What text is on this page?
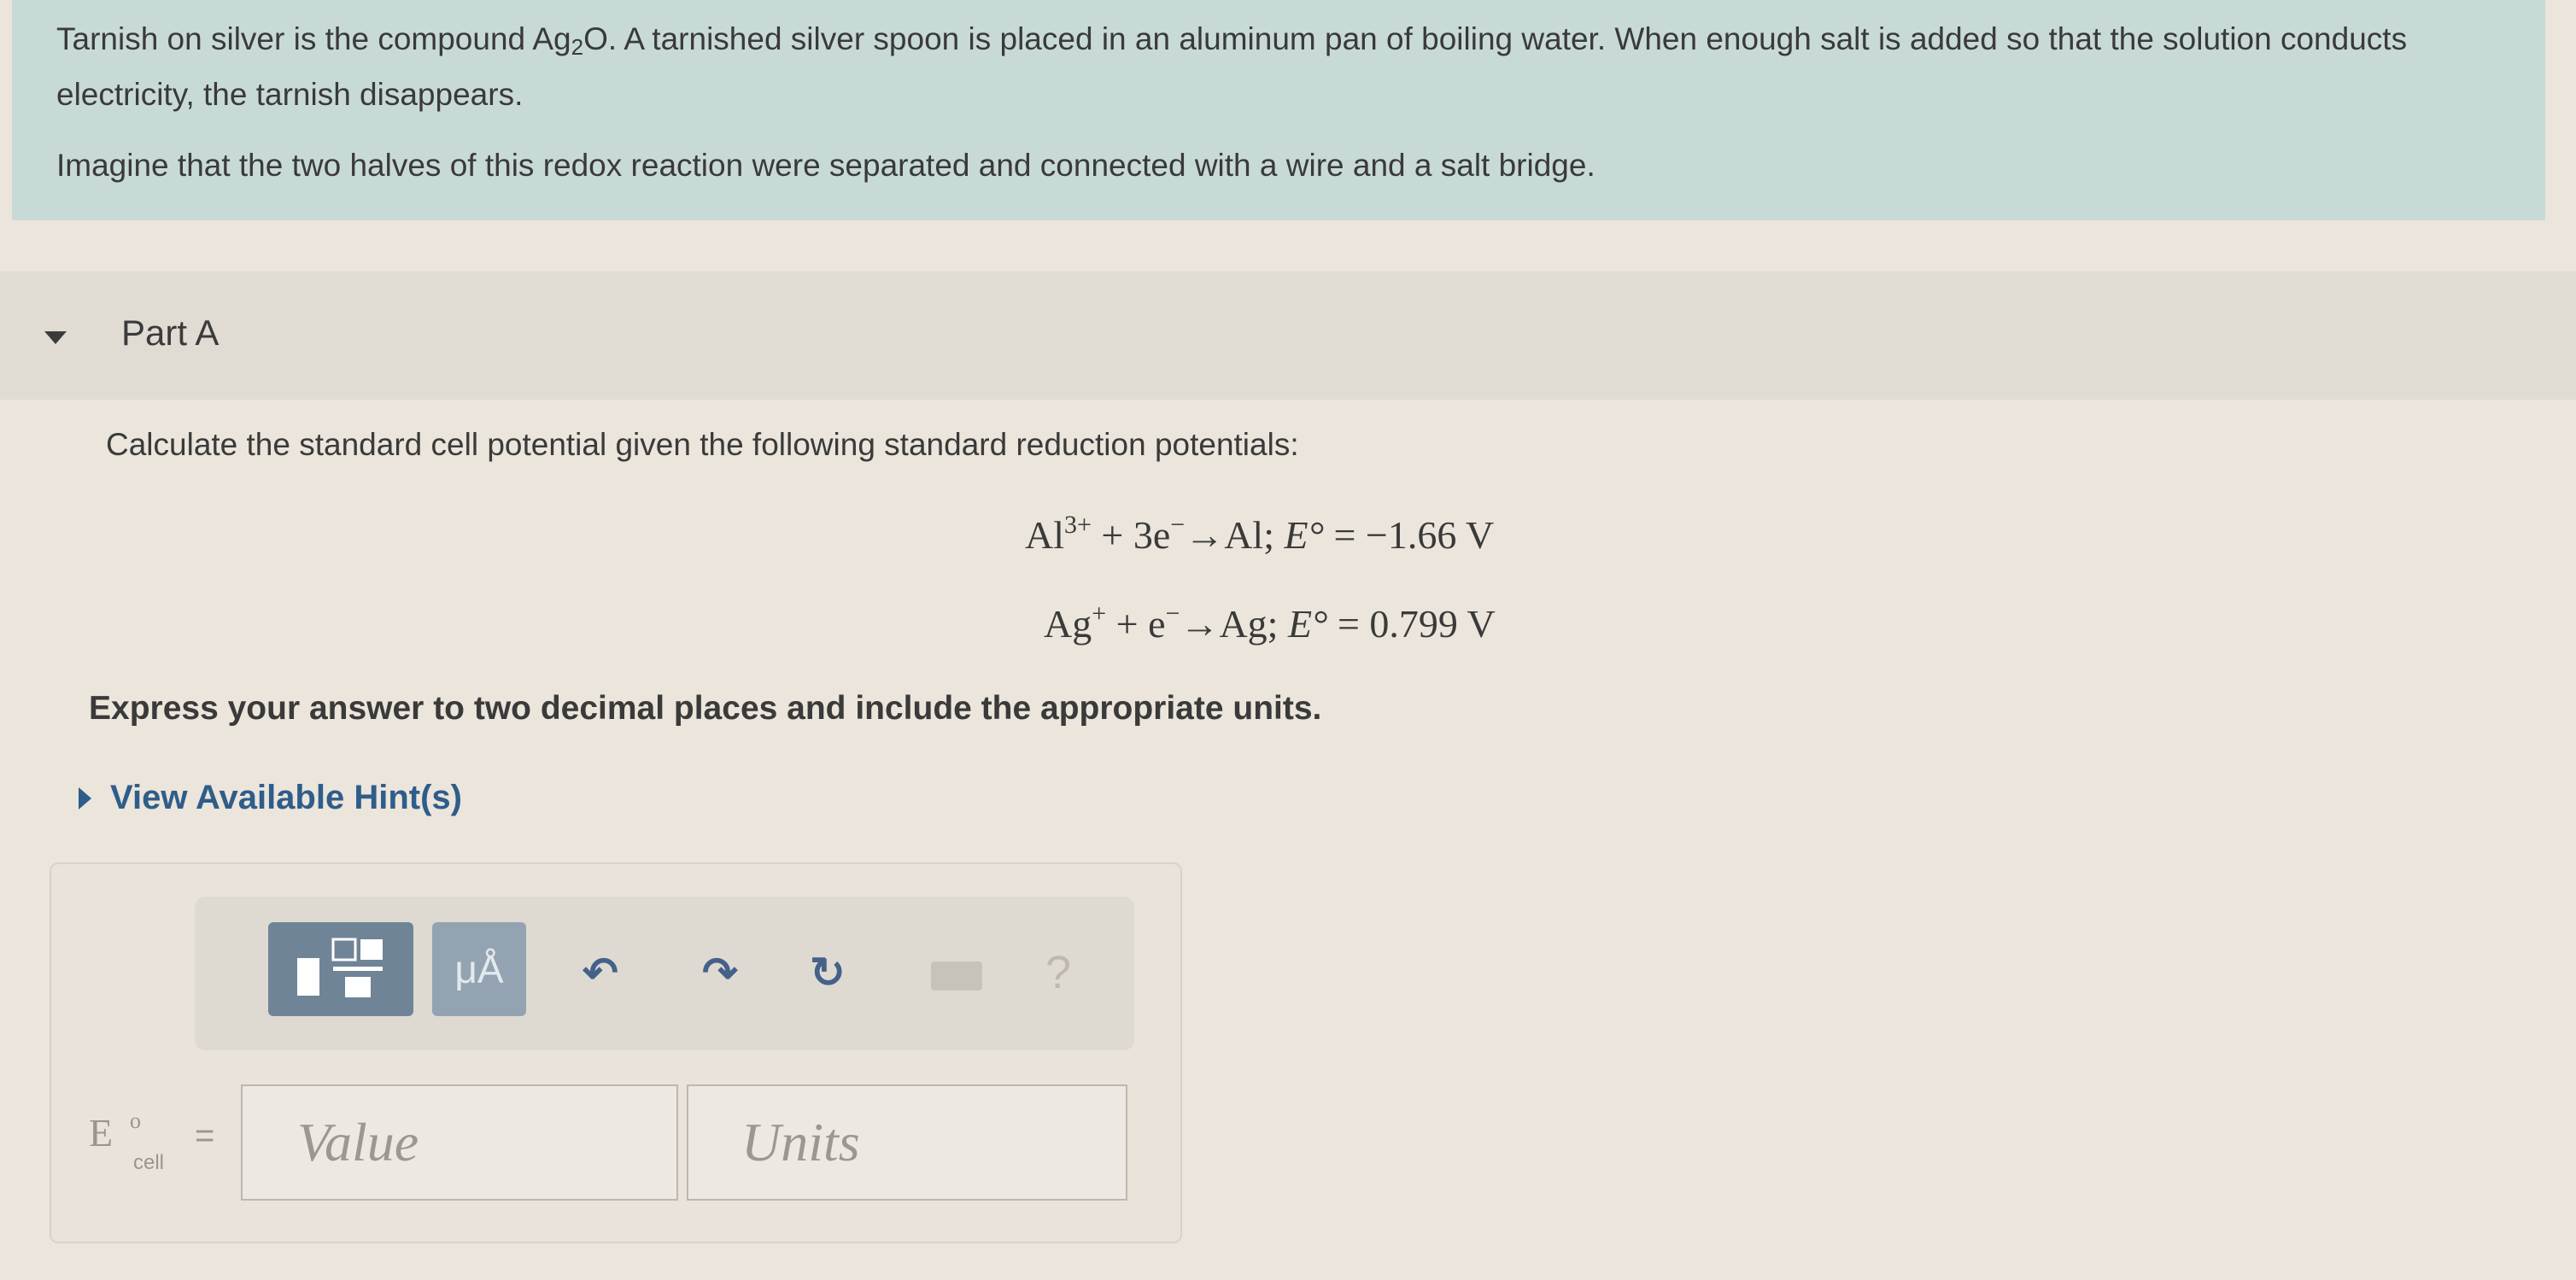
Tarnish on silver is the compound $Ag_2O$. A tarnished silver spoon is placed in an aluminum pan of boiling water. When enough salt is added so that the solution conducts electricity, the tarnish disappears.

Imagine that the two halves of this redox reaction were separated and connected with a wire and a salt bridge.

Part A
Calculate the standard cell potential given the following standard reduction potentials:
$Al^{3+} + 3e^-\to Al$; E° = −1.66 V
Ag+ + e−→Ag; E° = 0.799 V
Express your answer to two decimal places and include the appropriate units.
View Available Hint(s)
μÅ	↶ ↷ ↻	?
E o
cell
=	Value	Units
